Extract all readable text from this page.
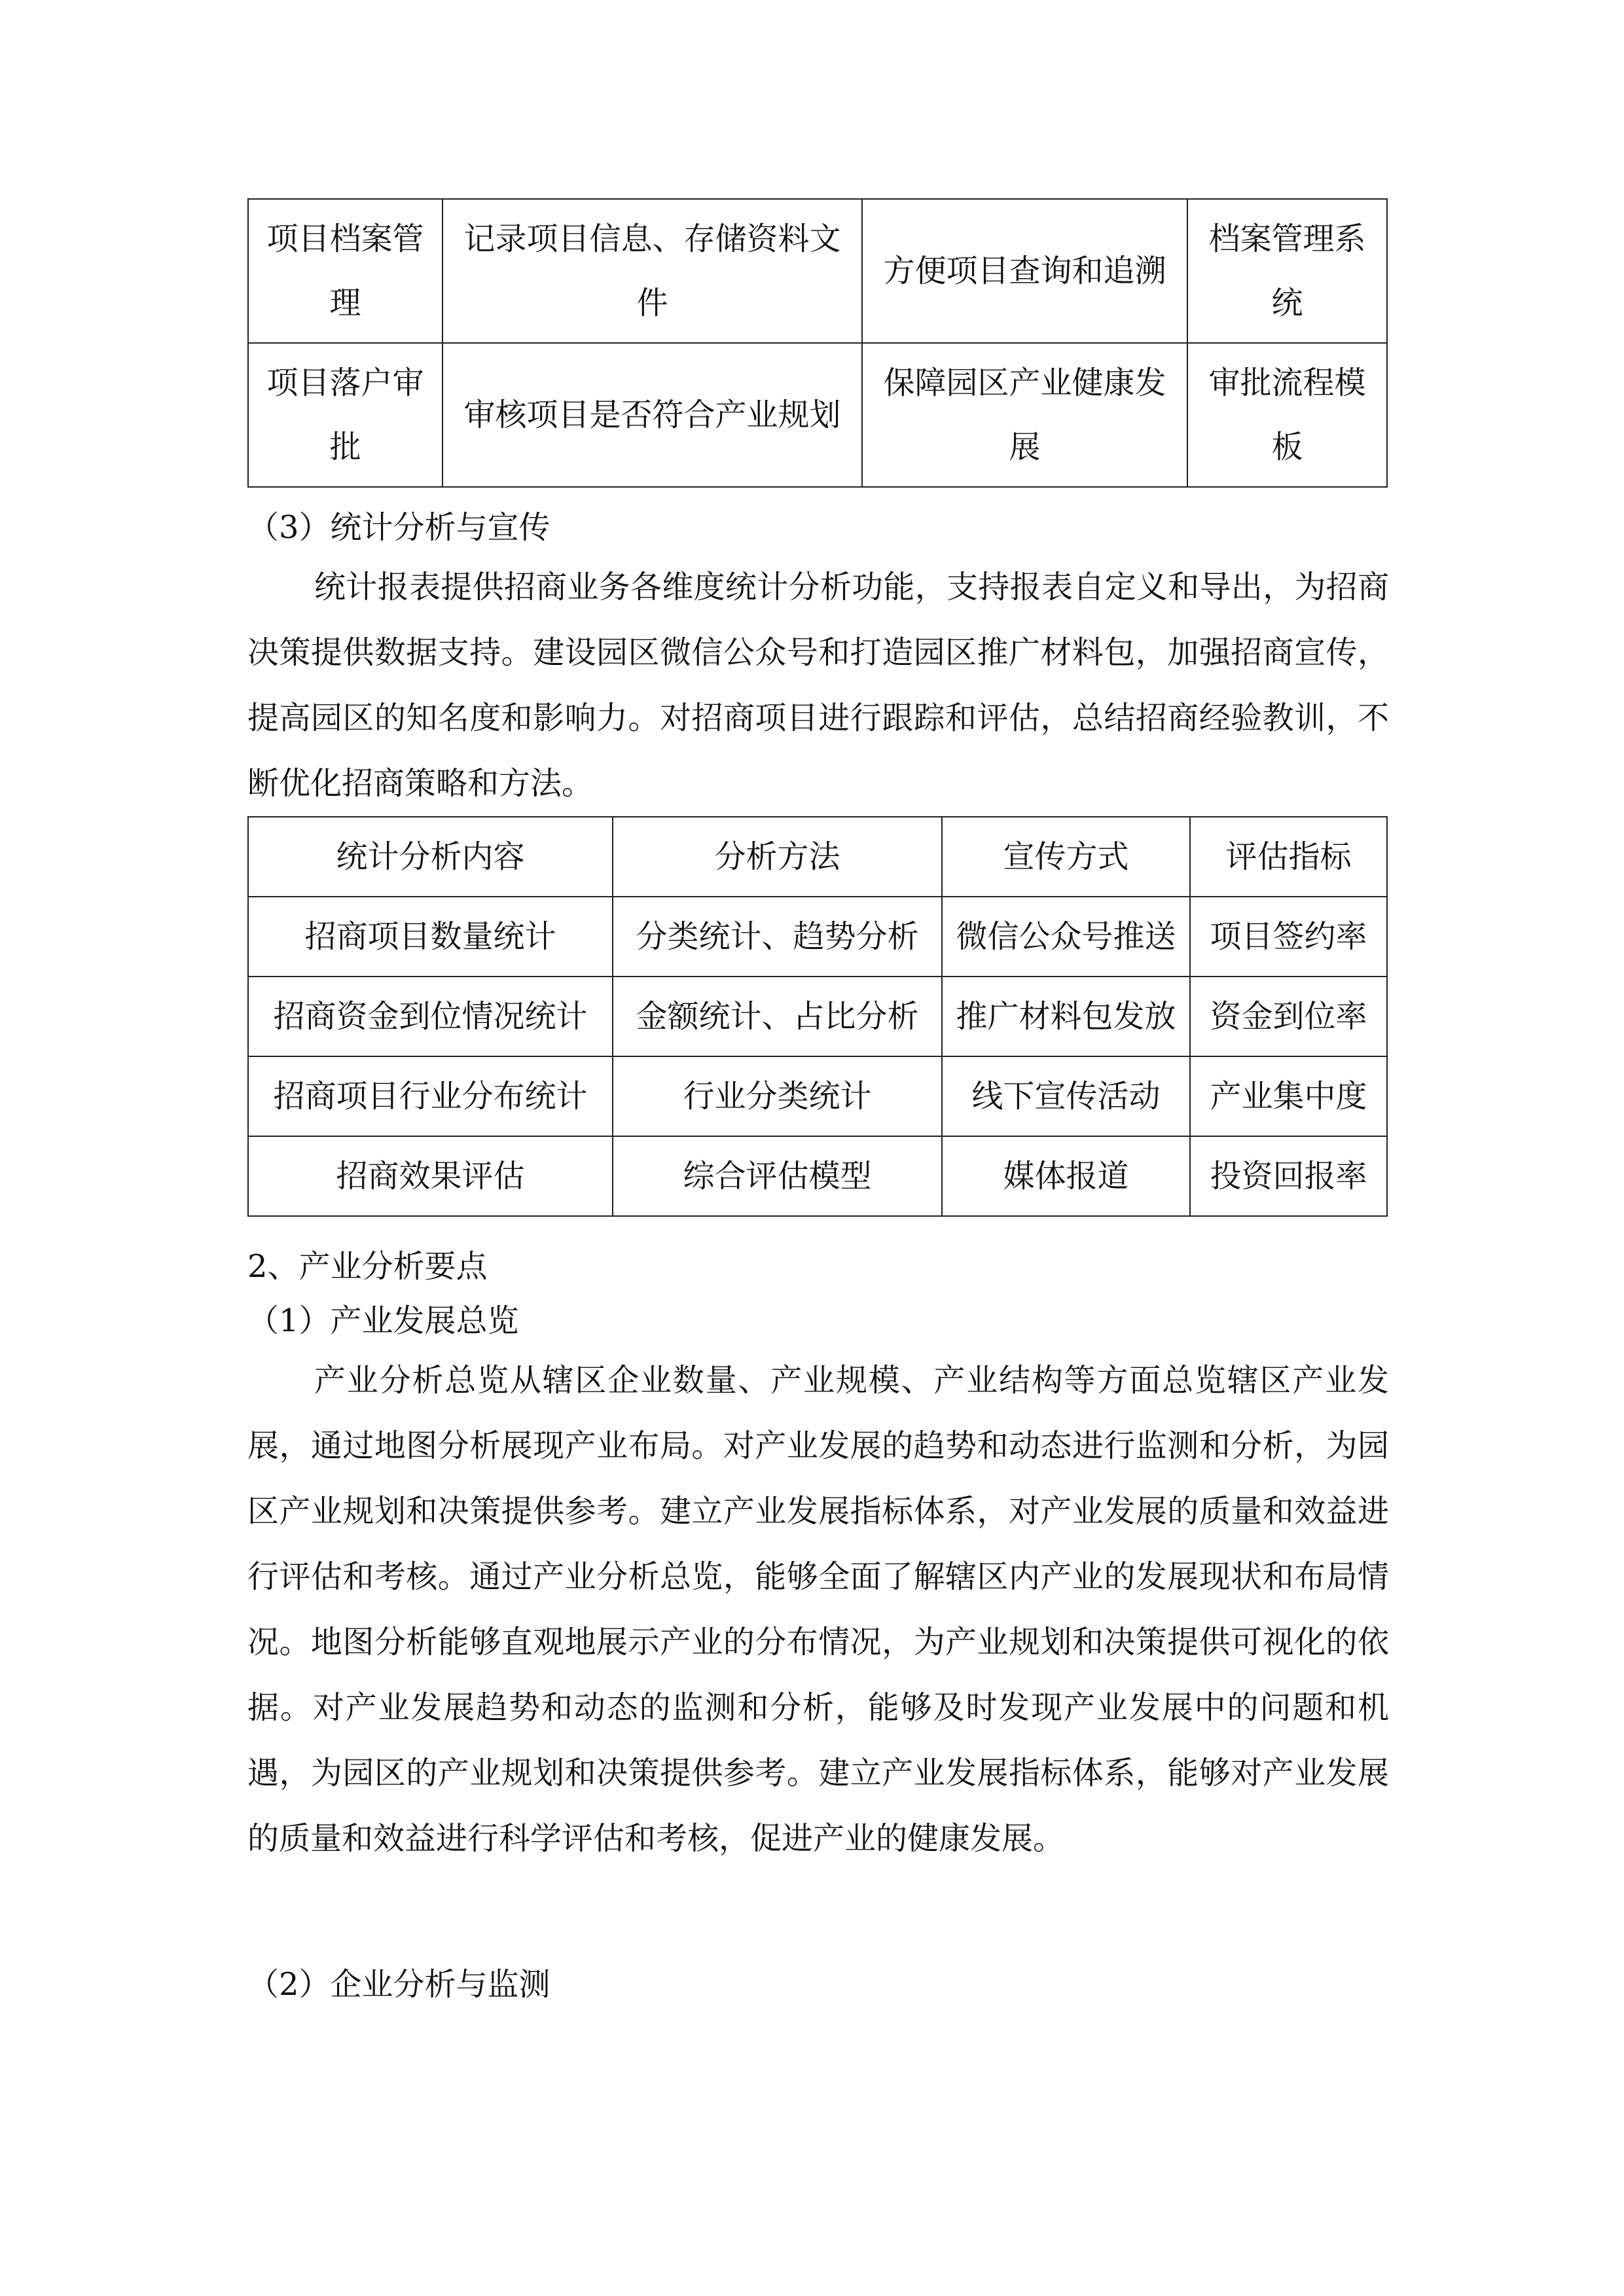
项目档案管理	记录项目信息、存储资料文件	方便项目查询和追溯	档案管理系统
项目落户审批	审核项目是否符合产业规划	保障园区产业健康发展	审批流程模板
（3）统计分析与宣传
统计报表提供招商业务各维度统计分析功能，支持报表自定义和导出，为招商决策提供数据支持。建设园区微信公众号和打造园区推广材料包，加强招商宣传，提高园区的知名度和影响力。对招商项目进行跟踪和评估，总结招商经验教训，不断优化招商策略和方法。
统计分析内容	分析方法	宣传方式	评估指标
招商项目数量统计	分类统计、趋势分析	微信公众号推送	项目签约率
招商资金到位情况统计	金额统计、占比分析	推广材料包发放	资金到位率
招商项目行业分布统计	行业分类统计	线下宣传活动	产业集中度
招商效果评估	综合评估模型	媒体报道	投资回报率
2、产业分析要点
（1）产业发展总览
产业分析总览从辖区企业数量、产业规模、产业结构等方面总览辖区产业发展，通过地图分析展现产业布局。对产业发展的趋势和动态进行监测和分析，为园区产业规划和决策提供参考。建立产业发展指标体系，对产业发展的质量和效益进行评估和考核。通过产业分析总览，能够全面了解辖区内产业的发展现状和布局情况。地图分析能够直观地展示产业的分布情况，为产业规划和决策提供可视化的依据。对产业发展趋势和动态的监测和分析，能够及时发现产业发展中的问题和机遇，为园区的产业规划和决策提供参考。建立产业发展指标体系，能够对产业发展的质量和效益进行科学评估和考核，促进产业的健康发展。
（2）企业分析与监测
